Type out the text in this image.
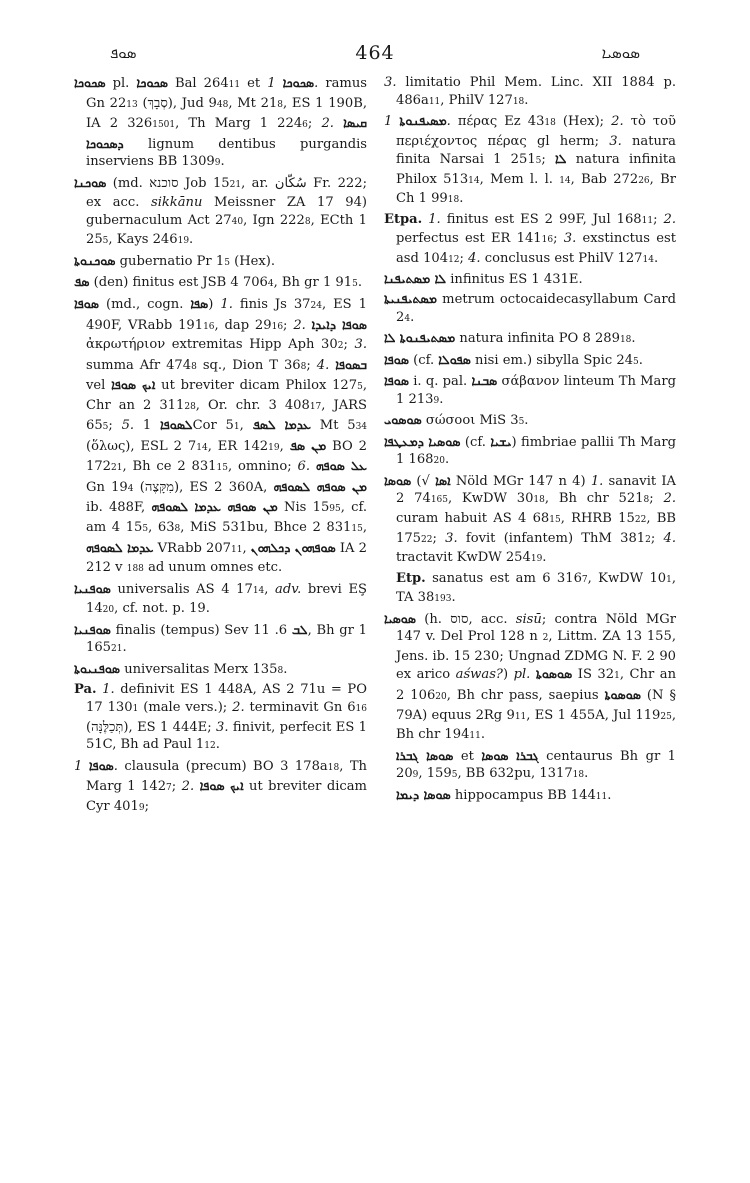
ܣܘܦ	464	ܣܘܣܝܐ
ܣܟܘܟܐ pl. ܣܟܘܟܐ Bal 26411 et ܣܟܘܟܐ 1. ramus Gn 2213 (סְבָךְ), Jud 948, Mt 218, ES 1 190B, IA 2 3261501, Th Marg 1 2246; 2. ܩܝܣܐ ܕܣܟܘܟܐ lignum dentibus purgandis inserviens BB 13099.
ܣܘܟܢܐ (md. סוכנא Job 1521, ar. سُكّان Fr. 222; ex acc. sikkānu Meissner ZA 17 94) gubernaculum Act 2740, Ign 2228, ECth 1 255, Kays 24619.
ܣܘܟܢܘܬܐ gubernatio Pr 15 (Hex).
ܣܦ (den) finitus est JSB 4 7064, Bh gr 1 915.
ܣܘܦܐ (md., cogn. ܣܦܐ) 1. finis Js 3724, ES 1 490F, VRabb 19116, dap 2916; 2. ܣܘܦܐ ܕܐܝܕܐ ἀκρωτήριον extremitas Hipp Aph 302; 3. summa Afr 4748 sq., Dion T 368; 4. ܒܣܘܦܐ vel ܐܝܟ ܣܘܦܐ ut breviter dicam Philox 1275, Chr an 2 31128, Or. chr. 3 40817, JARS 655; 5. ܠܣܘܦܐ 1Cor 51, ܥܕܡܐ ܠܣܦ Mt 534 (ὅλως), ESL 2 714, ER 14219, ܡܢ ܣܦ BO 2 17221, Bh ce 2 83115, omnino; 6. ܥܠ ܣܘܦܗ Gn 194 (מִקָּצֶה), ES 2 360A, ܡܢ ܣܘܦܗ ܠܣܘܦܗ ib. 488F, ܡܢ ܣܘܦܗ ܥܕܡܐ ܠܣܘܦܗ Nis 1595, cf. am 4 155, 638, MiS 531bu, Bhce 2 83115, ܥܕܡܐ ܠܣܘܦܗ VRabb 20711, ܣܘܦܗܘܢ ܕܟܠܗܘܢ IA 2 212 v 188 ad unum omnes etc.
ܣܘܦܢܝܐ universalis AS 4 1714, adv. brevi EŞ 1420, cf. not. p. 19.
ܣܘܦܢܝܐ finalis (tempus) Sev	ܠܒ 6. 11, Bh gr 1 16521.
ܣܘܦܢܝܘܬܐ universalitas Merx 1358.
Pa. 1. definivit ES 1 448A, AS 2 71u = PO 17 1301 (male vers.); 2. terminavit Gn 616 (תְּכַלֶּנָּה), ES 1 444E; 3. finivit, perfecit ES 1 51C, Bh ad Paul 112.
ܣܘܦܐ 1. clausula (precum) BO 3 178a18, Th Marg 1 1427; 2. ܐܝܟ ܣܘܦܐ ut breviter dicam Cyr 4019;
3. limitatio Phil Mem. Linc. XII 1884 p. 486a11, PhilV 12718.
ܡܣܝܦܢܘܬܐ 1. πέρας Ez 4318 (Hex); 2. τὸ τοῦ περιέχοντος πέρας gl herm; 3. natura finita Narsai 1 2515; ܠܐ natura infinita Philox 51314, Mem l. l. 14, Bab 27226, Br Ch 1 9918.
Etpa. 1. finitus est ES 2 99F, Jul 16811; 2. perfectus est ER 14116; 3. exstinctus est asd 10412; 4. conclusus est PhilV 12714.
ܠܐ ܡܣܬܝܦܢܐ infinitus ES 1 431E.
ܡܣܬܝܦܢܝܬܐ metrum octocaidecasyllabum Card 24.
ܡܣܬܝܦܢܘܬܐ ܠܐ natura infinita PO 8 28918.
ܣܘܦܐ (cf. ܣܦܘܠܐ nisi em.) sibylla Spic 245.
ܣܘܦܐ i. q. pal. ܣܒܢܐ σάβανον linteum Th Marg 1 2139.
ܣܘܣܘܝ σώσοοι MiS 35.
ܣܘܣܝܐ ܕܡܥܛܦܐ	(cf. ܝܫܝܐ) fimbriae pallii Th Marg 1 16820.
ܣܘܣܐ (√ ܐܣܐ Nöld MGr 147 n 4) 1. sanavit IA 2 74165, KwDW 3018, Bh chr 5218; 2. curam habuit AS 4 6815, RHRB 1522, BB 17522; 3. fovit (infantem) ThM 3812; 4. tractavit KwDW 25419.
Etp. sanatus est am 6 3167, KwDW 101, TA 38193.
ܣܘܣܝܐ (h. סוס, acc. sisū; contra Nöld MGr 147 v. Del Prol 128 n 2, Littm. ZA 13 155, Jens. ib. 15 230; Ungnad ZDMG N. F. 2 90 ex arico aśwas?) pl. ܣܘܣܘܬܐ IS 321, Chr an 2 10620, Bh chr pass, saepius ܣܘܣܘܬܐ (N § 79A) equus 2Rg 911, ES 1 455A, Jul 11925, Bh chr 19411.
ܣܘܣܐ ܓܒܪܐ et ܓܒܪܐ ܣܘܣܐ centaurus Bh gr 1 209, 1595, BB 632pu, 131718.
ܣܘܣܐ ܕܝܡܐ hippocampus BB 14411.
